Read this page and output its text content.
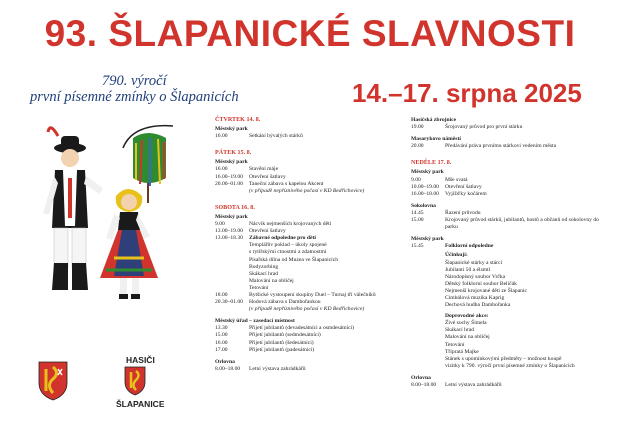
93. ŠLAPANICKÉ SLAVNOSTI
790. výročí
první písemné zmínky o Šlapanicích	14.–17. srpna 2025
HASIČI
ŠLAPANICE
ČTVRTEK 14. 8.
Městský park
16.00	Setkání bývalých stárků
PÁTEK 15. 8.
Městský park
16.00	Stavění máje
16.00–19.00	Otevření šatlavy
20.00–01.00	Taneční zábava s kapelou Akcent
(v případě nepříznivého počasí v KD Bedřichovice)
SOBOTA 16. 8.
Městský park
9.00	Nácvik nejmenších krojovaných dětí
13.00–19.00	Otevření šatlavy
13.00–18.30	Zábavné odpoledne pro děti
Templářův poklad – úkoly spojené
s rytířskými ctnostmi a zdatnostmi
Písařská dílna od Muzea ve Šlapanicích
Bodyzorbing
Skákací hrad
Malování na obličej
Tetování
18.00	Bytšické vystoupení skupiny Duel – Turnaj tří válečníků
20.30–01.00	Hodová zábava s Dambořankou
(v případě nepříznivého počasí v KD Bedřichovice)
Městský úřad – zasedací místnost
13.30	Přijetí jubilantů (devadesátníci a osmdesátníci)
15.00	Přijetí jubilantů (sedmdesátníci)
16.00	Přijetí jubilantů (šedesátníci)
17.00	Přijetí jubilantů (padesátníci)
Orlovna
8.00–18.00	Letní výstava zahrádkářů
Hasičská zbrojnice
19.00	Šrojovaný průvod pro první stárku
Masarykovo náměstí
20.00	Předávání práva prvnímu stárkovi vedením města
NEDĚLE 17. 8.
Městský park
9.00	Mše svatá
10.00–19.00	Otevření šatlavy
16.00–18.00	Vyjížďky kočárem
Sokolovna
14.45	Řazení průvodu
15.00	Krojovaný průvod stárků, jubilantů, hostů a občanů od sokolovny do parku
Městský park
15.45	Folklorní odpoledne
Účinkují:
Šlapanické stárky a stárci
Jubilanti 50 a élsmtí
Národopisný soubor Vrčka
Dětský folklorní soubor Beličák
Nejmenší krojované děti ze Šlapanic
Cimbálová muzika Kaprig
Dechová hudba Dambořanka
Doprovodné akce:
Živé sochy Šimela
Skákací hrad
Malování na obličej
Tetování
Třípratá Majke
Stánek s upomínkovými předměty – možnost koupě
vizitky k 790. výročí první písemné zmínky o Šlapanicích
Orlovna
8.00–18.00	Letní výstava zahrádkářů
